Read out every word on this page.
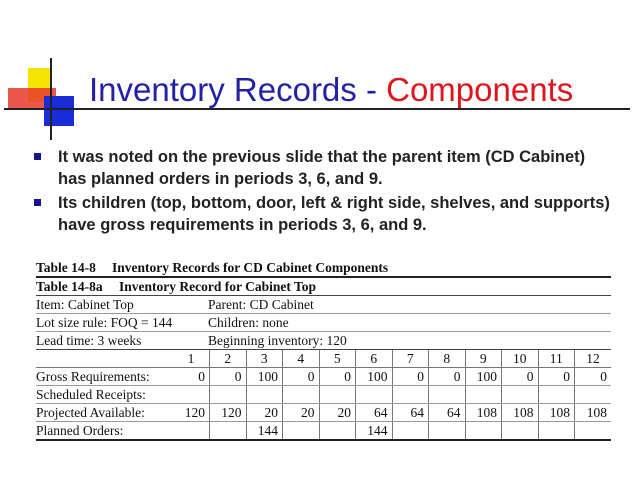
Inventory Records - Components
It was noted on the previous slide that the parent item (CD Cabinet) has planned orders in periods 3, 6, and 9.
Its children (top, bottom, door, left & right side, shelves, and supports) have gross requirements in periods 3, 6, and 9.
Table 14-8 Inventory Records for CD Cabinet Components
Table 14-8a Inventory Record for Cabinet Top
Item: Cabinet Top	Parent: CD Cabinet
Lot size rule: FOQ = 144	Children: none
Lead time: 3 weeks	Beginning inventory: 120
	1	2	3	4	5	6	7	8	9	10	11	12
Gross Requirements:	0	0	100	0	0	100	0	0	100	0	0	0
Scheduled Receipts:												
Projected Available:	120	120	20	20	20	64	64	64	108	108	108	108
Planned Orders:			144			144						
